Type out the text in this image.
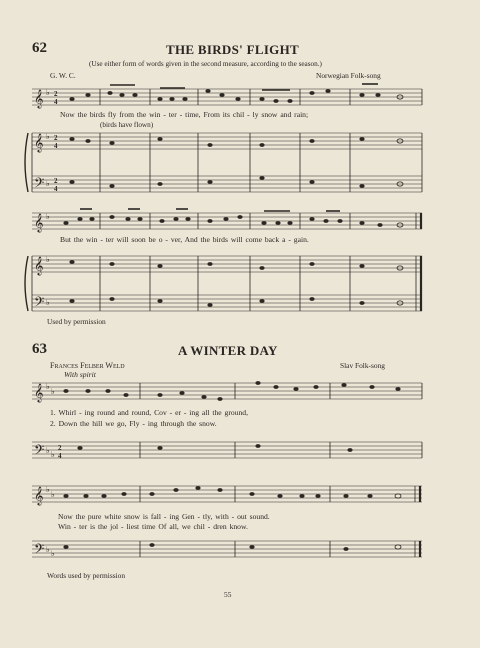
𝄞 ♭ 2
4
𝄞 ♭ 2
4
𝄢 ♭ 2
4
𝄞 ♭
𝄞 ♭
𝄢 ♭
𝄞 ♭
♭
𝄢 ♭ ♭
2
4
𝄞 ♭
♭
𝄢 ♭ ♭
62	THE BIRDS' FLIGHT
(Use either form of words given in the second measure, according to the season.)
G. W. C.	Norwegian Folk-song
Now the birds fly from the win - ter - time, From its chil - ly snow and rain;
(birds have flown)
But the win - ter will soon be o - ver, And the birds will come back a - gain.
Used by permission
63	A WINTER DAY
Frances Felber Weld	Slav Folk-song
With spirit
1. Whirl - ing round and round, Cov - er - ing all the ground,
2. Down the hill we go, Fly - ing through the snow.
Now the pure white snow is fall - ing Gen - tly, with - out sound.
Win - ter is the jol - liest time Of all, we chil - dren know.
Words used by permission
55
